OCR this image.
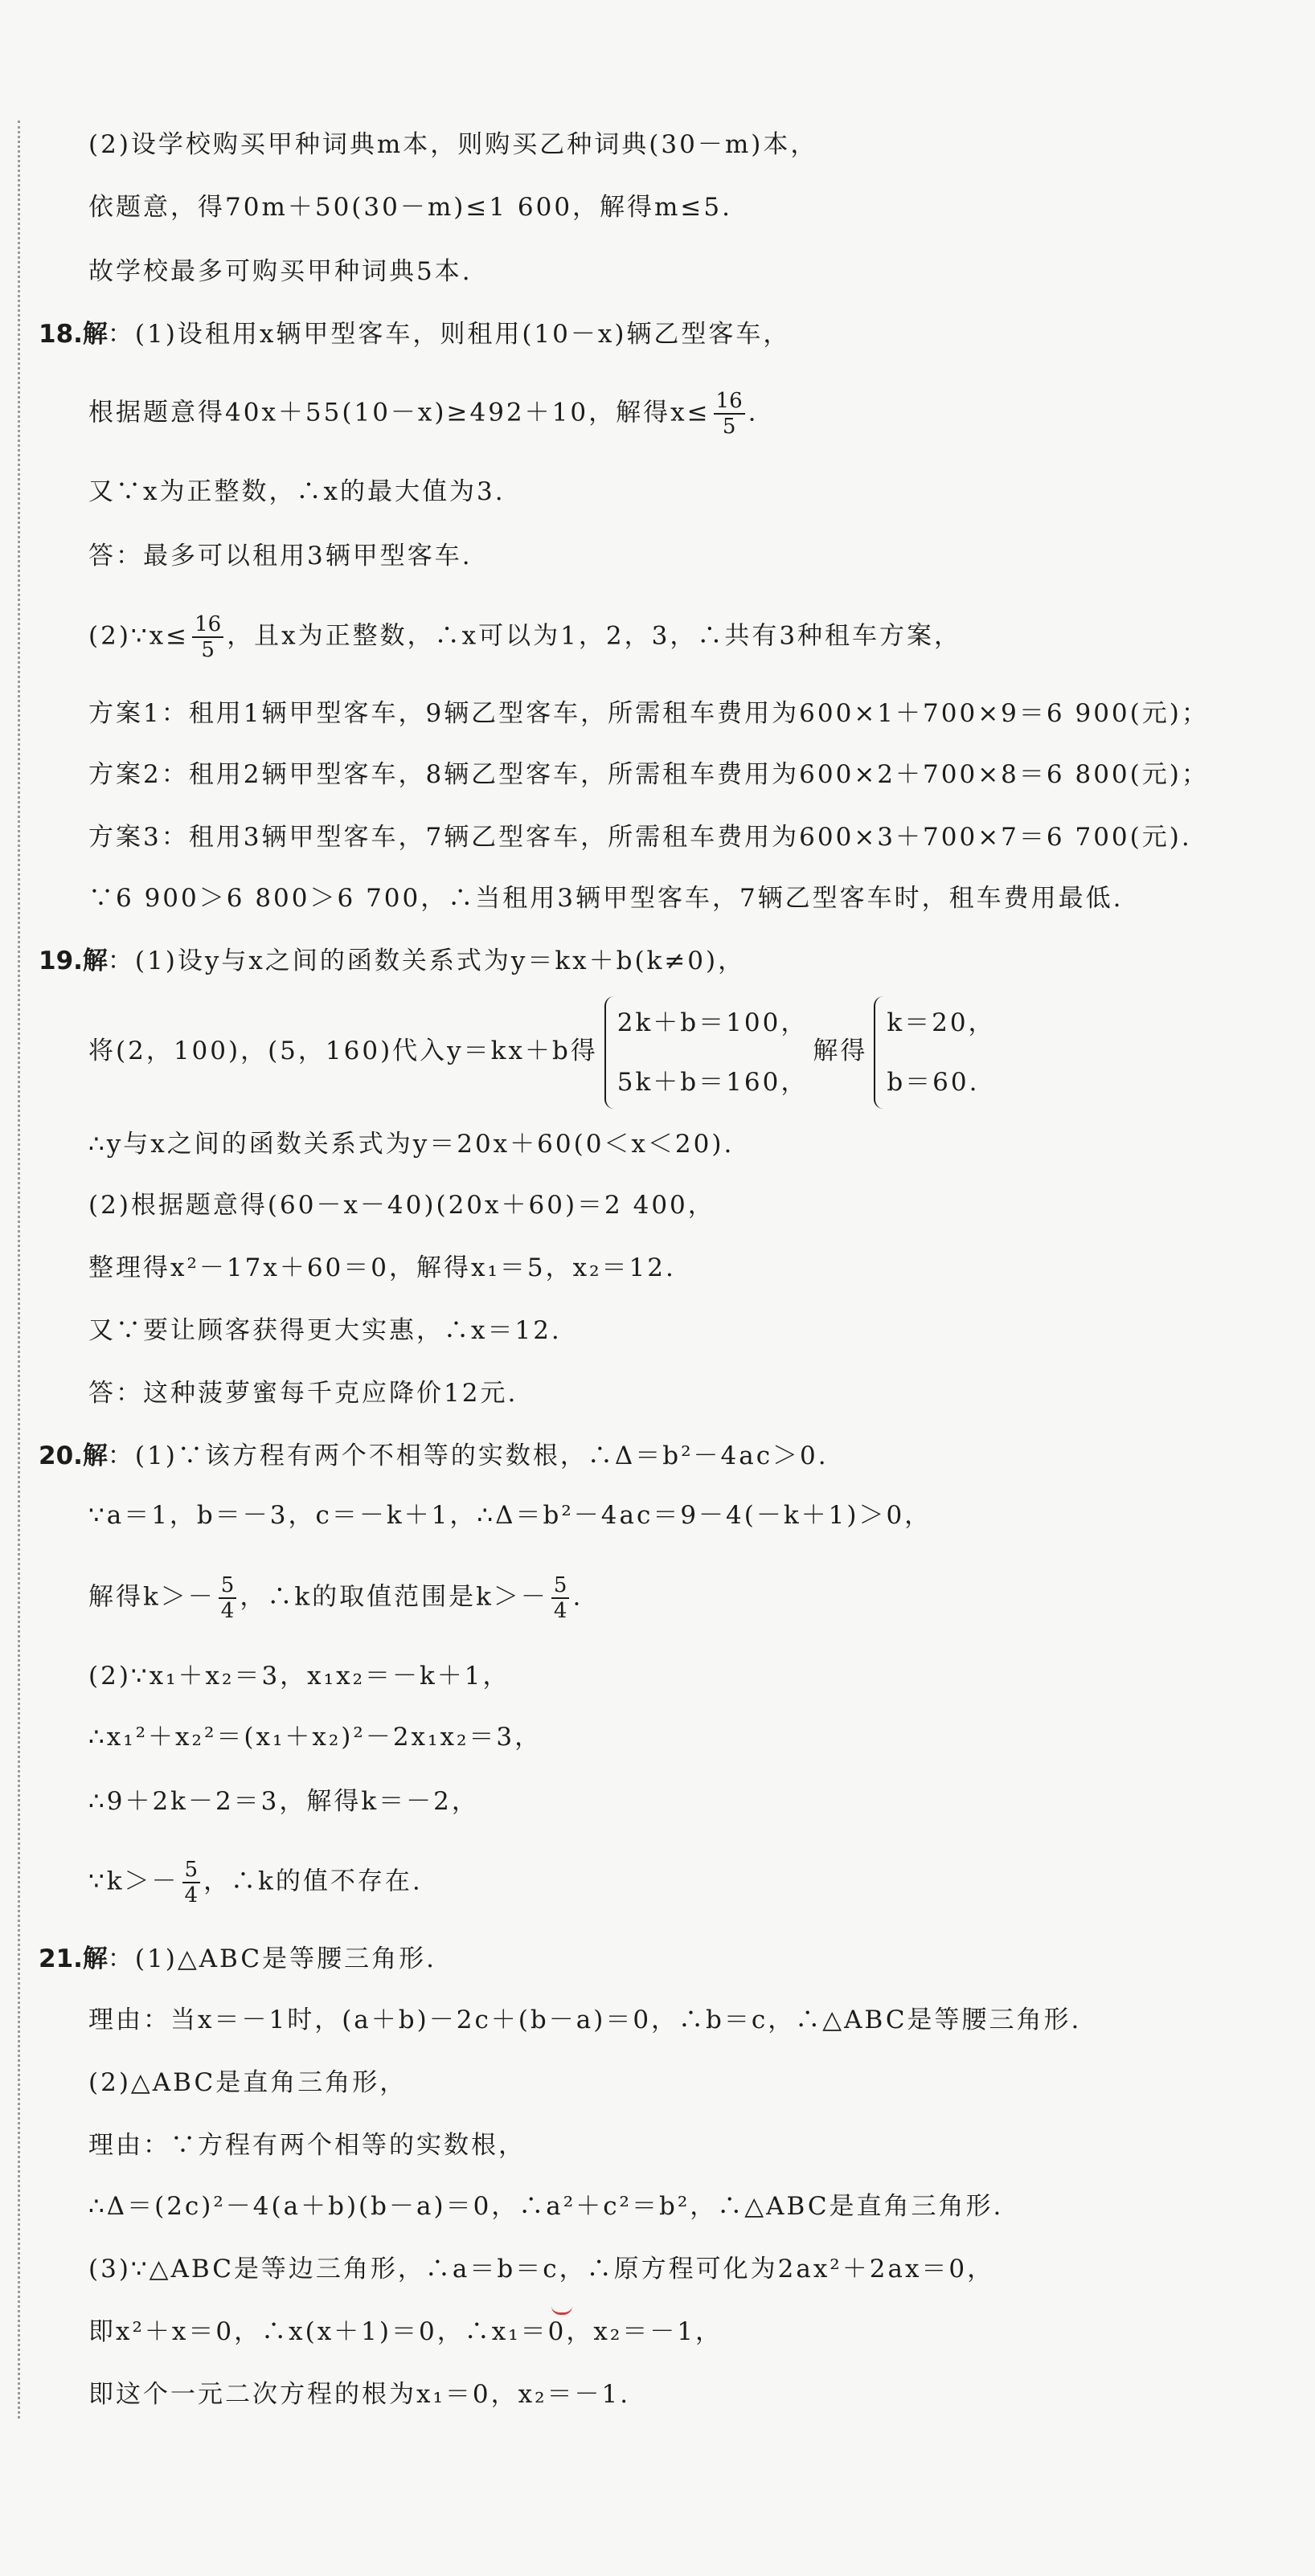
(2)设学校购买甲种词典m本，则购买乙种词典(30－m)本，
依题意，得70m＋50(30－m)≤1 600，解得m≤5.
故学校最多可购买甲种词典5本.
18.解：(1)设租用x辆甲型客车，则租用(10－x)辆乙型客车，
根据题意得40x＋55(10－x)≥492＋10，解得$x\le \frac{16}{5}$ .
又∵x为正整数，∴x的最大值为3.
答：最多可以租用3辆甲型客车.
(2)∵x≤ $\frac{16}{5}$ ，且x为正整数，∴x可以为1，2，3，∴共有3种租车方案，
方案1：租用1辆甲型客车，9辆乙型客车，所需租车费用为600×1＋700×9＝6 900(元)；
方案2：租用2辆甲型客车，8辆乙型客车，所需租车费用为600×2＋700×8＝6 800(元)；
方案3：租用3辆甲型客车，7辆乙型客车，所需租车费用为600×3＋700×7＝6 700(元).
∵6 900＞6 800＞6 700，∴当租用3辆甲型客车，7辆乙型客车时，租车费用最低.
19.解：(1)设y与x之间的函数关系式为y＝kx＋b(k≠0)，
将(2，100)，(5，160)代入y＝kx＋b得
2k＋b＝100，
5k＋b＝160，
解得
k＝20，
b＝60.
∴y与x之间的函数关系式为y＝20x＋60(0＜x＜20).
(2)根据题意得(60－x－40)(20x＋60)＝2 400，
整理得x²－17x＋60＝0，解得x₁＝5，x₂＝12.
又∵要让顾客获得更大实惠，∴x＝12.
答：这种菠萝蜜每千克应降价12元.
20.解：(1)∵该方程有两个不相等的实数根，∴Δ＝b²－4ac＞0.
∵a＝1，b＝－3，c＝－k＋1，∴Δ＝b²－4ac＝9－4(－k＋1)＞0，
解得$k>- \frac{5}{4}$ ，∴k的取值范围是$k>- \frac{5}{4}$ .
(2)∵x₁＋x₂＝3，x₁x₂＝－k＋1，
∴x₁²＋x₂²＝(x₁＋x₂)²－2x₁x₂＝3，
∴9＋2k－2＝3，解得k＝－2，
∵k＞－ $\frac{5}{4}$ ，∴k的值不存在.
21.解：(1)△ABC是等腰三角形.
理由：当x＝－1时，(a＋b)－2c＋(b－a)＝0，∴b＝c，∴△ABC是等腰三角形.
(2)△ABC是直角三角形，
理由：∵方程有两个相等的实数根，
∴Δ＝(2c)²－4(a＋b)(b－a)＝0，∴a²＋c²＝b²，∴△ABC是直角三角形.
(3)∵△ABC是等边三角形，∴a＝b＝c，∴原方程可化为2ax²＋2ax＝0，
即x²＋x＝0，∴x(x＋1)＝0，∴x₁＝0，x₂＝－1，
即这个一元二次方程的根为x₁＝0，x₂＝－1.
